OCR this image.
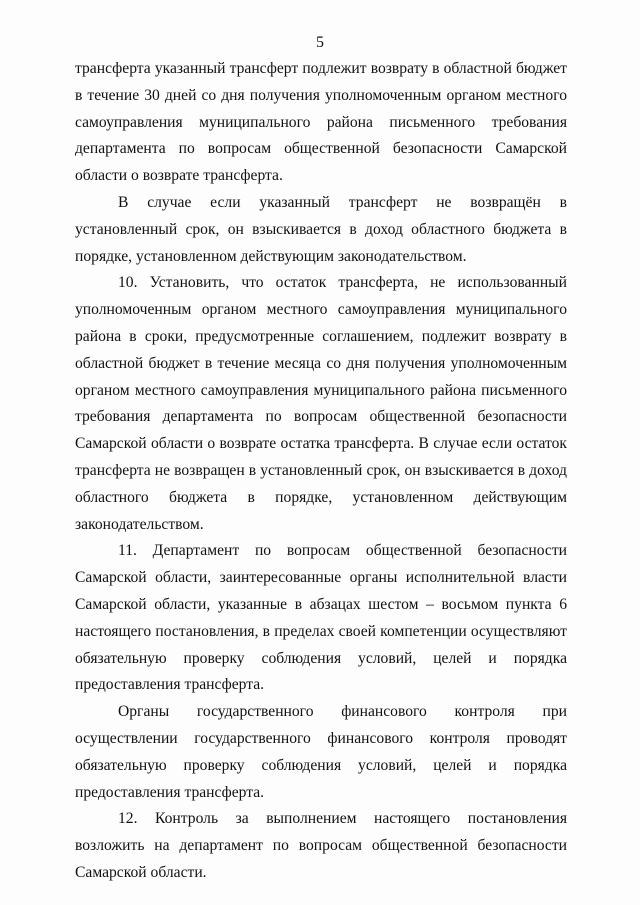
5

трансферта указанный трансферт подлежит возврату в областной бюджет в течение 30 дней со дня получения уполномоченным органом местного самоуправления муниципального района письменного требования департамента по вопросам общественной безопасности Самарской области о возврате трансферта.

В случае если указанный трансферт не возвращён в установленный срок, он взыскивается в доход областного бюджета в порядке, установленном действующим законодательством.

10. Установить, что остаток трансферта, не использованный уполномоченным органом местного самоуправления муниципального района в сроки, предусмотренные соглашением, подлежит возврату в областной бюджет в течение месяца со дня получения уполномоченным органом местного самоуправления муниципального района письменного требования департамента по вопросам общественной безопасности Самарской области о возврате остатка трансферта. В случае если остаток трансферта не возвращен в установленный срок, он взыскивается в доход областного бюджета в порядке, установленном действующим законодательством.

11. Департамент по вопросам общественной безопасности Самарской области, заинтересованные органы исполнительной власти Самарской области, указанные в абзацах шестом – восьмом пункта 6 настоящего постановления, в пределах своей компетенции осуществляют обязательную проверку соблюдения условий, целей и порядка предоставления трансферта.

Органы государственного финансового контроля при осуществлении государственного финансового контроля проводят обязательную проверку соблюдения условий, целей и порядка предоставления трансферта.

12. Контроль за выполнением настоящего постановления возложить на департамент по вопросам общественной безопасности Самарской области.
